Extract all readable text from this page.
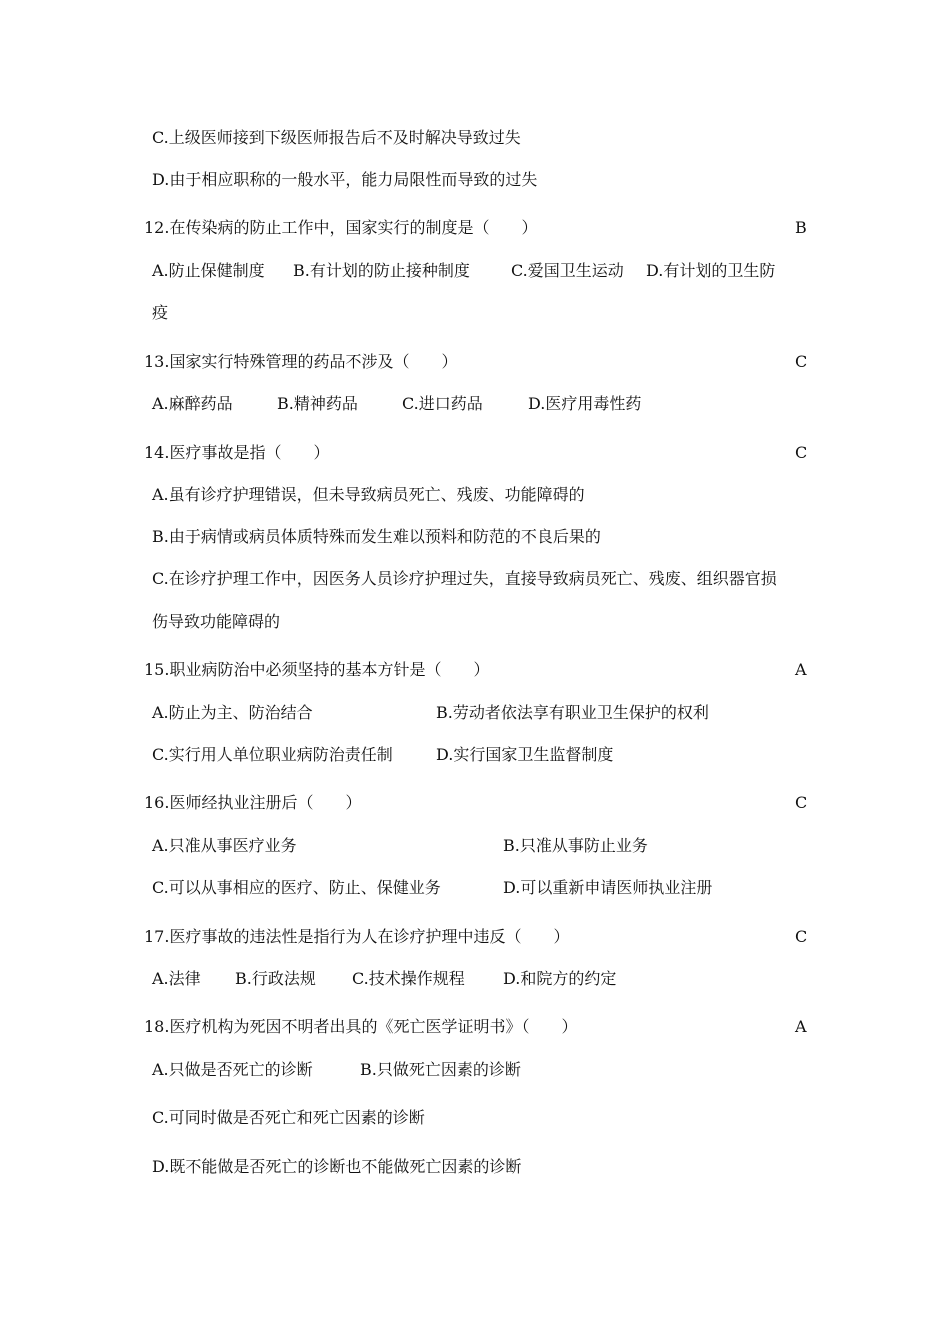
C.上级医师接到下级医师报告后不及时解决导致过失
D.由于相应职称的一般水平，能力局限性而导致的过失
12.在传染病的防止工作中，国家实行的制度是（　　）	B
A.防止保健制度 B.有计划的防止接种制度	C.爱国卫生运动 D.有计划的卫生防
疫
13.国家实行特殊管理的药品不涉及（　　）	C
A.麻醉药品	B.精神药品	C.进口药品	D.医疗用毒性药
14.医疗事故是指（　　）	C
A.虽有诊疗护理错误，但未导致病员死亡、残废、功能障碍的
B.由于病情或病员体质特殊而发生难以预料和防范的不良后果的
C.在诊疗护理工作中，因医务人员诊疗护理过失，直接导致病员死亡、残废、组织器官损
伤导致功能障碍的
15.职业病防治中必须坚持的基本方针是（　　）	A
A.防止为主、防治结合	B.劳动者依法享有职业卫生保护的权利
C.实行用人单位职业病防治责任制	D.实行国家卫生监督制度
16.医师经执业注册后（　　）	C
A.只准从事医疗业务	B.只准从事防止业务
C.可以从事相应的医疗、防止、保健业务	D.可以重新申请医师执业注册
17.医疗事故的违法性是指行为人在诊疗护理中违反（　　）	C
A.法律 B.行政法规 C.技术操作规程 D.和院方的约定
18.医疗机构为死因不明者出具的《死亡医学证明书》（　　）	A
A.只做是否死亡的诊断	B.只做死亡因素的诊断
C.可同时做是否死亡和死亡因素的诊断
D.既不能做是否死亡的诊断也不能做死亡因素的诊断
